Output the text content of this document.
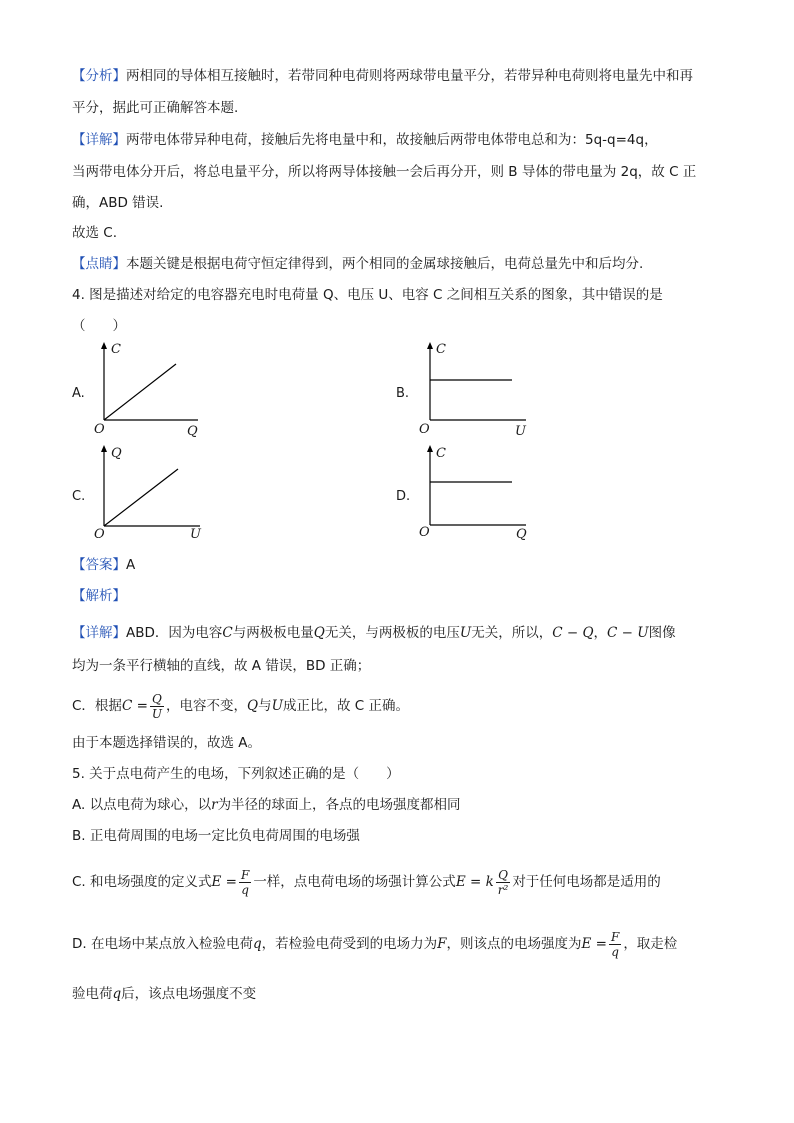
【分析】两相同的导体相互接触时，若带同种电荷则将两球带电量平分，若带异种电荷则将电量先中和再
平分，据此可正确解答本题.
【详解】两带电体带异种电荷，接触后先将电量中和，故接触后两带电体带电总和为：5q-q=4q，
当两带电体分开后，将总电量平分，所以将两导体接触一会后再分开，则 B 导体的带电量为 2q，故 C 正
确，ABD 错误.
故选 C.
【点睛】本题关键是根据电荷守恒定律得到，两个相同的金属球接触后，电荷总量先中和后均分.
4. 图是描述对给定的电容器充电时电荷量 Q、电压 U、电容 C 之间相互关系的图象，其中错误的是
（　　）
A.
C
O	Q
B.
C
O	U
C.
Q
O	U
D.
C
O	Q
【答案】A
【解析】
【详解】ABD．因为电容C与两极板电量Q无关，与两极板的电压U无关，所以，C − Q，C − U图像
均为一条平行横轴的直线，故 A 错误，BD 正确；
C．根据$C = \frac{Q}{U}$ ，电容不变，Q与U成正比，故 C 正确。
由于本题选择错误的，故选 A。
5. 关于点电荷产生的电场，下列叙述正确的是（　　）
A. 以点电荷为球心，以r为半径的球面上，各点的电场强度都相同
B. 正电荷周围的电场一定比负电荷周围的电场强
C. 和电场强度的定义式$E = \frac{F}{q}$ 一样，点电荷电场的场强计算公式E = k $\frac{Q}{\text{r²}}$ 对于任何电场都是适用的
D. 在电场中某点放入检验电荷q，若检验电荷受到的电场力为F，则该点的电场强度为$E = \frac{F}{q}$ ，取走检
验电荷q后，该点电场强度不变
